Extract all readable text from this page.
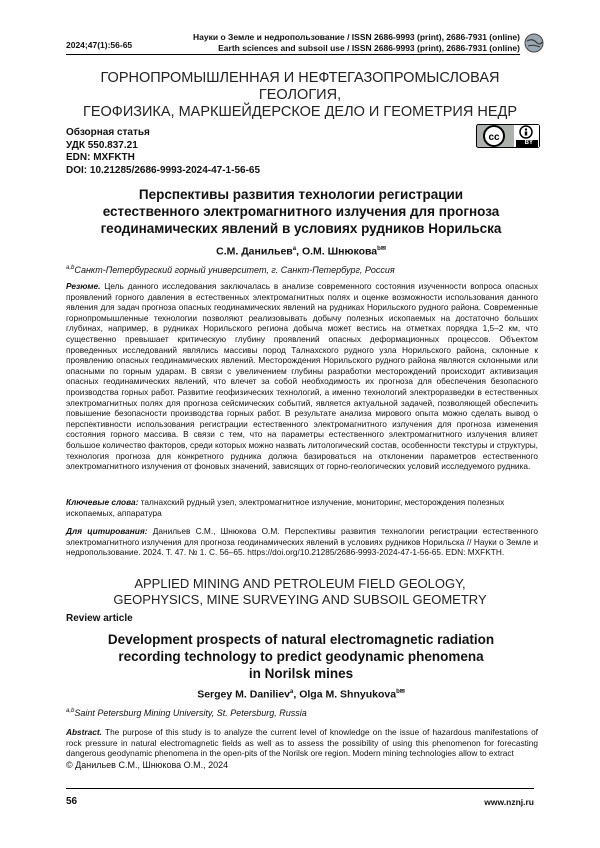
2024;47(1):56-65
Науки о Земле и недропользование / ISSN 2686-9993 (print), 2686-7931 (online)
Earth sciences and subsoil use / ISSN 2686-9993 (print), 2686-7931 (online)
ГОРНОПРОМЫШЛЕННАЯ И НЕФТЕГАЗОПРОМЫСЛОВАЯ ГЕОЛОГИЯ,
ГЕОФИЗИКА, МАРКШЕЙДЕРСКОЕ ДЕЛО И ГЕОМЕТРИЯ НЕДР
Обзорная статья
УДК 550.837.21
EDN: MXFKTH
DOI: 10.21285/2686-9993-2024-47-1-56-65
cc	BY
Перспективы развития технологии регистрации
естественного электромагнитного излучения для прогноза
геодинамических явлений в условиях рудников Норильска
С.М. Данильев$^a$, О.М. Шнюкова$^{b✉}$
$^{a,b}$Санкт-Петербургский горный университет, г. Санкт-Петербург, Россия
Резюме. Цель данного исследования заключалась в анализе современного состояния изученности вопроса опасных проявлений горного давления в естественных электромагнитных полях и оценке возможности использования данного явления для задач прогноза опасных геодинамических явлений на рудниках Норильского рудного района. Современные горнопромышленные технологии позволяют реализовывать добычу полезных ископаемых на достаточно больших глубинах, например, в рудниках Норильского региона добыча может вестись на отметках порядка 1,5–2 км, что существенно превышает критическую глубину проявлений опасных деформационных процессов. Объектом проведенных исследований являлись массивы пород Талнахского рудного узла Норильского района, склонные к проявлению опасных геодинамических явлений. Месторождения Норильского рудного района являются склонными или опасными по горным ударам. В связи с увеличением глубины разработки месторождений происходит активизация опасных геодинамических явлений, что влечет за собой необходимость их прогноза для обеспечения безопасного производства горных работ. Развитие геофизических технологий, а именно технологий электроразведки в естественных электромагнитных полях для прогноза сейсмических событий, является актуальной задачей, позволяющей обеспечить повышение безопасности производства горных работ. В результате анализа мирового опыта можно сделать вывод о перспективности использования регистрации естественного электромагнитного излучения для прогноза изменения состояния горного массива. В связи с тем, что на параметры естественного электромагнитного излучения влияет большое количество факторов, среди которых можно назвать литологический состав, особенности текстуры и структуры, технология прогноза для конкретного рудника должна базироваться на отклонении параметров естественного электромагнитного излучения от фоновых значений, зависящих от горно-геологических условий исследуемого рудника.
Ключевые слова: талнахский рудный узел, электромагнитное излучение, мониторинг, месторождения полезных ископаемых, аппаратура
Для цитирования: Данильев С.М., Шнюкова О.М. Перспективы развития технологии регистрации естественного электромагнитного излучения для прогноза геодинамических явлений в условиях рудников Норильска // Науки о Земле и недропользование. 2024. Т. 47. № 1. С. 56–65. https://doi.org/10.21285/2686-9993-2024-47-1-56-65. EDN: MXFKTH.
APPLIED MINING AND PETROLEUM FIELD GEOLOGY,
GEOPHYSICS, MINE SURVEYING AND SUBSOIL GEOMETRY
Review article
Development prospects of natural electromagnetic radiation
recording technology to predict geodynamic phenomena
in Norilsk mines
Sergey M. Daniliev$^a$, Olga M. Shnyukova$^{b✉}$
$^{a,b}$Saint Petersburg Mining University, St. Petersburg, Russia
Abstract. The purpose of this study is to analyze the current level of knowledge on the issue of hazardous manifestations of rock pressure in natural electromagnetic fields as well as to assess the possibility of using this phenomenon for forecasting dangerous geodynamic phenomena in the open-pits of the Norilsk ore region. Modern mining technologies allow to extract
© Данильев С.М., Шнюкова О.М., 2024
56	www.nznj.ru
